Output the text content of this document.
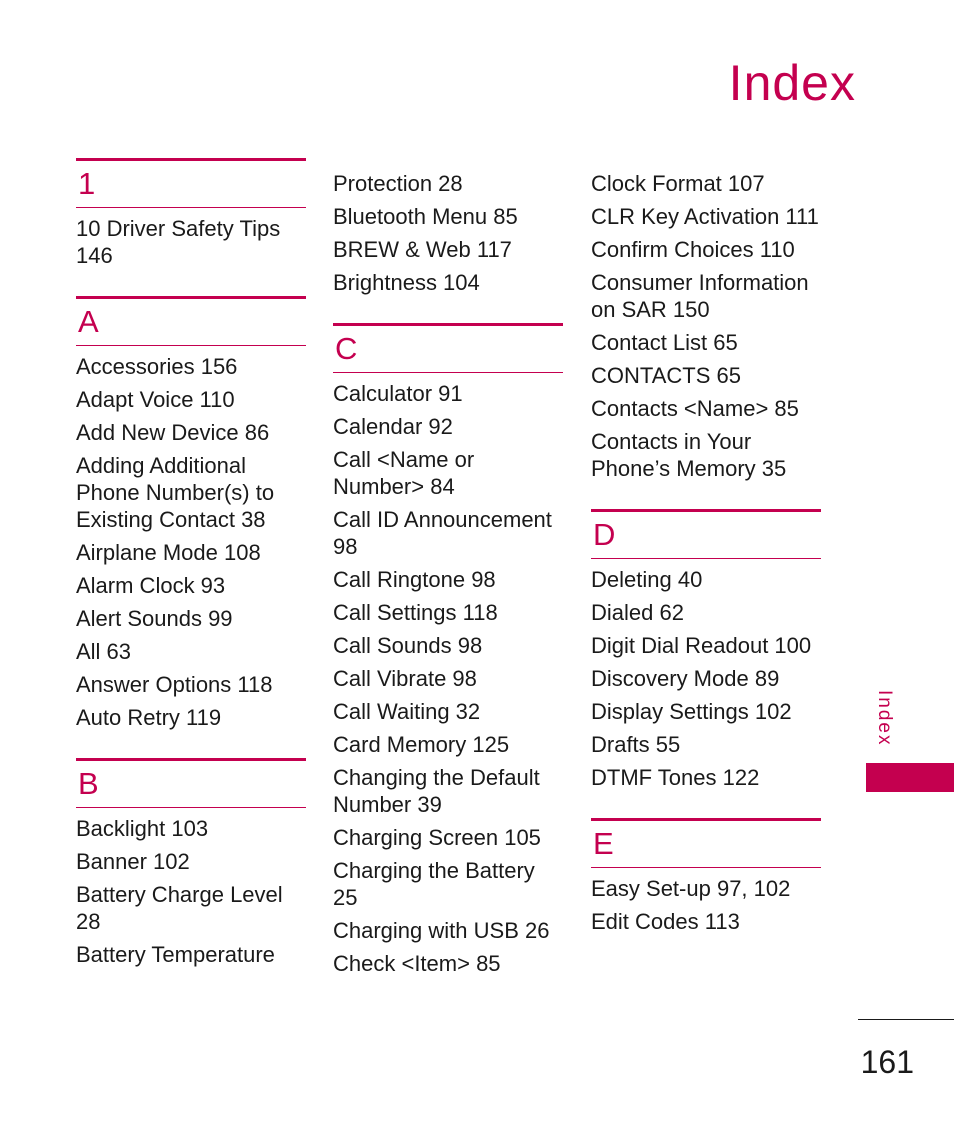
Index
1
10 Driver Safety Tips 146
A
Accessories 156
Adapt Voice 110
Add New Device 86
Adding Additional Phone Number(s) to Existing Contact 38
Airplane Mode 108
Alarm Clock 93
Alert Sounds 99
All 63
Answer Options 118
Auto Retry 119
B
Backlight 103
Banner 102
Battery Charge Level 28
Battery Temperature
Protection 28
Bluetooth Menu 85
BREW & Web 117
Brightness 104
C
Calculator 91
Calendar 92
Call <Name or Number> 84
Call ID Announcement 98
Call Ringtone 98
Call Settings 118
Call Sounds 98
Call Vibrate 98
Call Waiting 32
Card Memory 125
Changing the Default Number 39
Charging Screen 105
Charging the Battery 25
Charging with USB 26
Check <Item> 85
Clock Format 107
CLR Key Activation 111
Confirm Choices 110
Consumer Information on SAR 150
Contact List 65
CONTACTS 65
Contacts <Name> 85
Contacts in Your Phone’s Memory 35
D
Deleting 40
Dialed 62
Digit Dial Readout 100
Discovery Mode 89
Display Settings 102
Drafts 55
DTMF Tones 122
E
Easy Set-up 97, 102
Edit Codes 113
Index
161
